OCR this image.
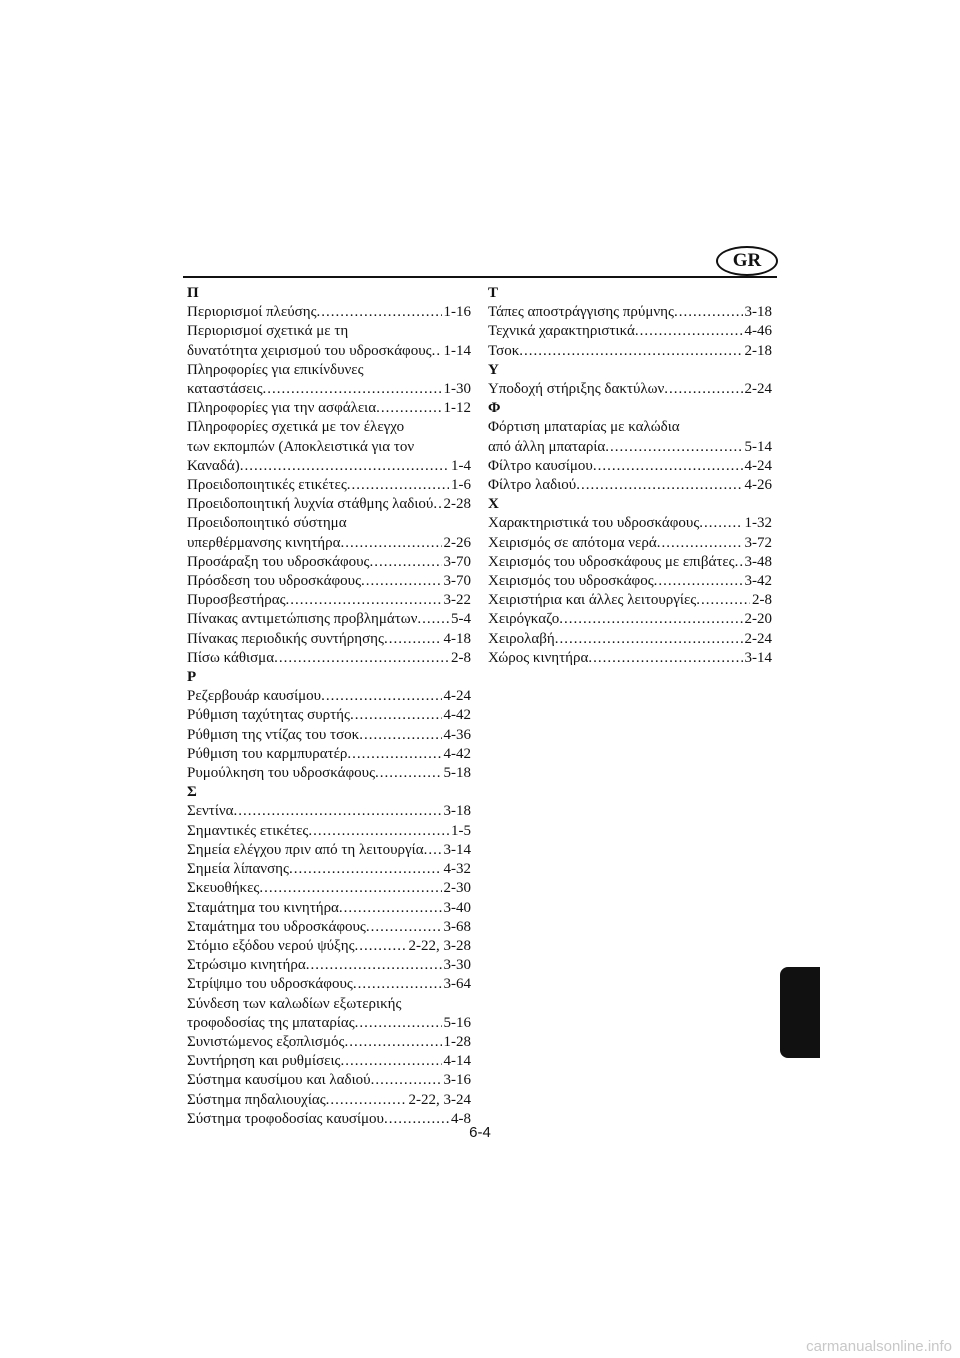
GR
Π
Περιορισμοί πλεύσης .....	1-16
Περιορισμοί σχετικά με τη
δυνατότητα χειρισμού του υδροσκάφους ..... 1-14
Πληροφορίες για επικίνδυνες
καταστάσεις .....	1-30
Πληροφορίες για την ασφάλεια .....	1-12
Πληροφορίες σχετικά με τον έλεγχο
των εκπομπών (Αποκλειστικά για τον
Καναδά) .....	1-4
Προειδοποιητικές ετικέτες .....	1-6
Προειδοποιητική λυχνία στάθμης λαδιού ..... 2-28
Προειδοποιητικό σύστημα
υπερθέρμανσης κινητήρα .....	2-26
Προσάραξη του υδροσκάφους .....	3-70
Πρόσδεση του υδροσκάφους .....	3-70
Πυροσβεστήρας .....	3-22
Πίνακας αντιμετώπισης προβλημάτων ..... 5-4
Πίνακας περιοδικής συντήρησης .....	4-18
Πίσω κάθισμα .....	2-8
Ρ
Ρεζερβουάρ καυσίμου .....	4-24
Ρύθμιση ταχύτητας συρτής .....	4-42
Ρύθμιση της ντίζας του τσοκ .....	4-36
Ρύθμιση του καρμπυρατέρ .....	4-42
Ρυμούλκηση του υδροσκάφους .....	5-18
Σ
Σεντίνα .....	3-18
Σημαντικές ετικέτες .....	1-5
Σημεία ελέγχου πριν από τη λειτουργία ..... 3-14
Σημεία λίπανσης .....	4-32
Σκευοθήκες .....	2-30
Σταμάτημα του κινητήρα .....	3-40
Σταμάτημα του υδροσκάφους .....	3-68
Στόμιο εξόδου νερού ψύξης .....	2-22, 3-28
Στρώσιμο κινητήρα .....	3-30
Στρίψιμο του υδροσκάφους .....	3-64
Σύνδεση των καλωδίων εξωτερικής
τροφοδοσίας της μπαταρίας .....	5-16
Συνιστώμενος εξοπλισμός .....	1-28
Συντήρηση και ρυθμίσεις .....	4-14
Σύστημα καυσίμου και λαδιού .....	3-16
Σύστημα πηδαλιουχίας .....	2-22, 3-24
Σύστημα τροφοδοσίας καυσίμου .....	4-8
Τ
Τάπες αποστράγγισης πρύμνης .....	3-18
Τεχνικά χαρακτηριστικά .....	4-46
Τσοκ .....	2-18
Υ
Υποδοχή στήριξης δακτύλων .....	2-24
Φ
Φόρτιση μπαταρίας με καλώδια
από άλλη μπαταρία .....	5-14
Φίλτρο καυσίμου .....	4-24
Φίλτρο λαδιού .....	4-26
Χ
Χαρακτηριστικά του υδροσκάφους .....	1-32
Χειρισμός σε απότομα νερά .....	3-72
Χειρισμός του υδροσκάφους με επιβάτες ..... 3-48
Χειρισμός του υδροσκάφος .....	3-42
Χειριστήρια και άλλες λειτουργίες .....	2-8
Χειρόγκαζο .....	2-20
Χειρολαβή .....	2-24
Χώρος κινητήρα .....	3-14
6-4
carmanualsonline.info
